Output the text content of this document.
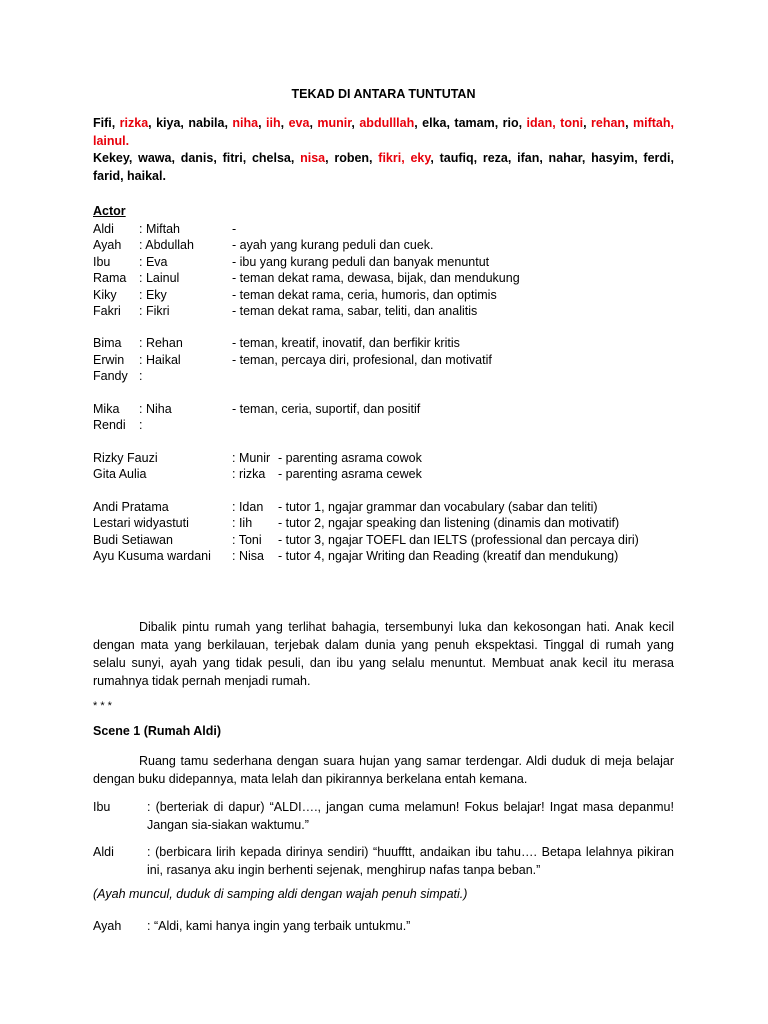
TEKAD DI ANTARA TUNTUTAN
Fifi, rizka, kiya, nabila, niha, iih, eva, munir, abdulllah, elka, tamam, rio, idan, toni, rehan, miftah, lainul.
Kekey, wawa, danis, fitri, chelsa, nisa, roben, fikri, eky, taufiq, reza, ifan, nahar, hasyim, ferdi, farid, haikal.
Actor
Aldi : Miftah	-
Ayah : Abdullah	- ayah yang kurang peduli dan cuek.
Ibu : Eva	- ibu yang kurang peduli dan banyak menuntut
Rama : Lainul	- teman dekat rama, dewasa, bijak, dan mendukung
Kiky : Eky	- teman dekat rama, ceria, humoris, dan optimis
Fakri : Fikri	- teman dekat rama, sabar, teliti, dan analitis
Bima : Rehan	- teman, kreatif, inovatif, dan berfikir kritis
Erwin : Haikal	- teman, percaya diri, profesional, dan motivatif
Fandy :
Mika : Niha	- teman, ceria, suportif, dan positif
Rendi :
Rizky Fauzi	: Munir - parenting asrama cowok
Gita Aulia	: rizka - parenting asrama cewek
Andi Pratama	: Idan - tutor 1, ngajar grammar dan vocabulary (sabar dan teliti)
Lestari widyastuti	: Iih - tutor 2, ngajar speaking dan listening (dinamis dan motivatif)
Budi Setiawan	: Toni - tutor 3, ngajar TOEFL dan IELTS (professional dan percaya diri)
Ayu Kusuma wardani : Nisa - tutor 4, ngajar Writing dan Reading (kreatif dan mendukung)
Dibalik pintu rumah yang terlihat bahagia, tersembunyi luka dan kekosongan hati. Anak kecil dengan mata yang berkilauan, terjebak dalam dunia yang penuh ekspektasi. Tinggal di rumah yang selalu sunyi, ayah yang tidak pesuli, dan ibu yang selalu menuntut. Membuat anak kecil itu merasa rumahnya tidak pernah menjadi rumah.
* * *
Scene 1 (Rumah Aldi)
Ruang tamu sederhana dengan suara hujan yang samar terdengar. Aldi duduk di meja belajar dengan buku didepannya, mata lelah dan pikirannya berkelana entah kemana.
Ibu	: (berteriak di dapur) “ALDI…., jangan cuma melamun! Fokus belajar! Ingat masa depanmu! Jangan sia-siakan waktumu.”
Aldi	: (berbicara lirih kepada dirinya sendiri) “huufftt, andaikan ibu tahu…. Betapa lelahnya pikiran ini, rasanya aku ingin berhenti sejenak, menghirup nafas tanpa beban.”
(Ayah muncul, duduk di samping aldi dengan wajah penuh simpati.)
Ayah : “Aldi, kami hanya ingin yang terbaik untukmu.”
